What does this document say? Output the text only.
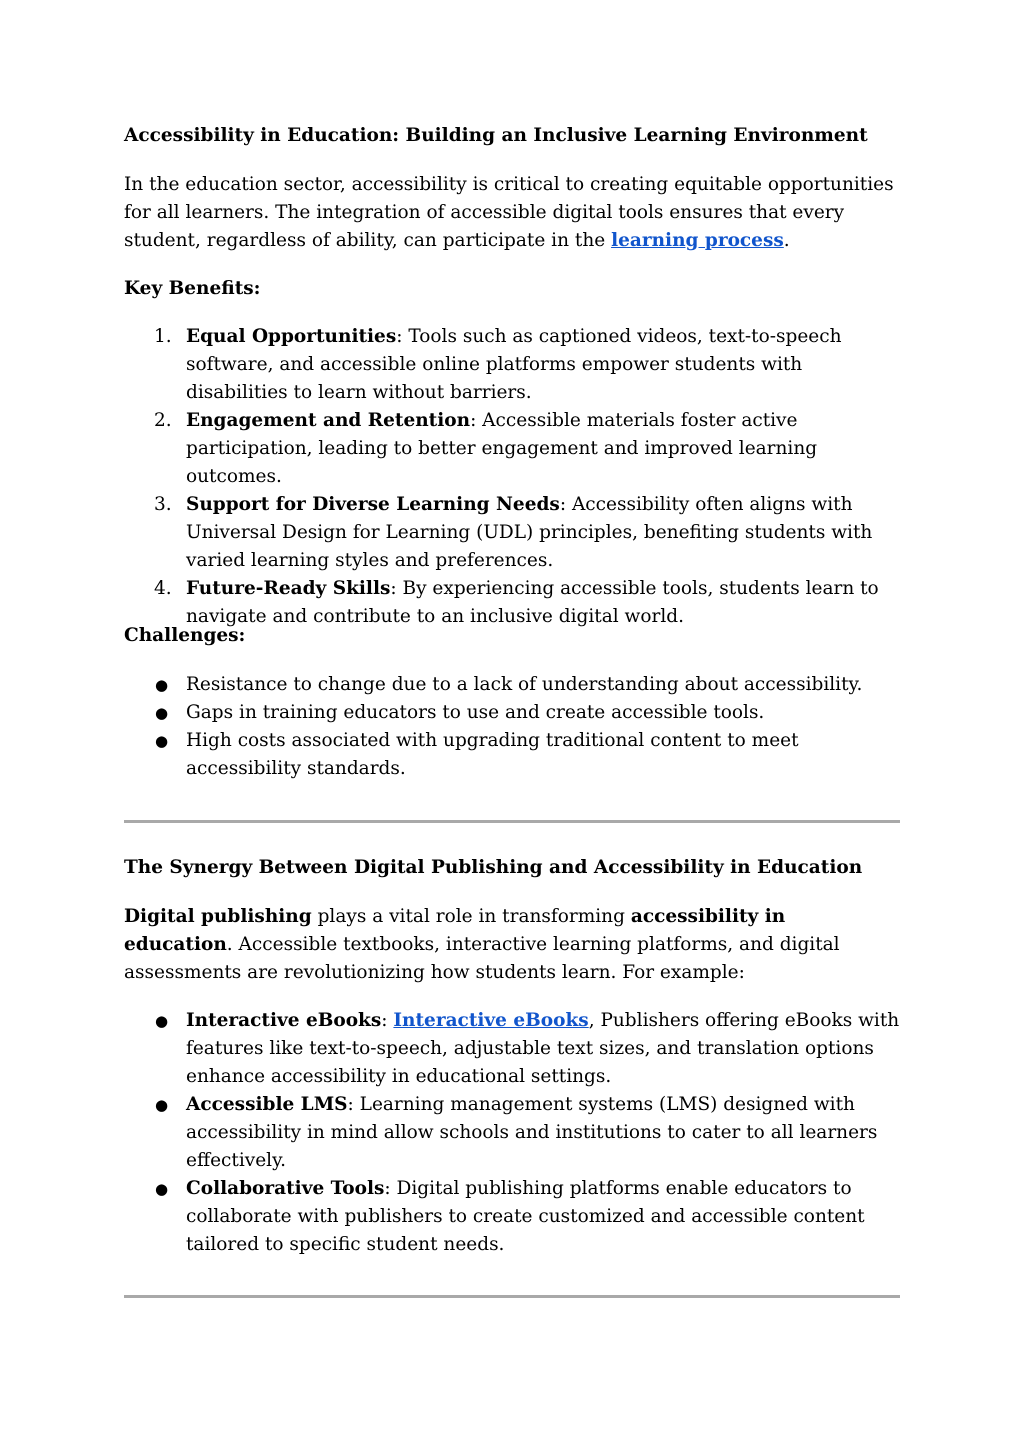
Accessibility in Education: Building an Inclusive Learning Environment
In the education sector, accessibility is critical to creating equitable opportunities for all learners. The integration of accessible digital tools ensures that every student, regardless of ability, can participate in the learning process.
Key Benefits:
1. Equal Opportunities: Tools such as captioned videos, text-to-speech software, and accessible online platforms empower students with disabilities to learn without barriers.
2. Engagement and Retention: Accessible materials foster active participation, leading to better engagement and improved learning outcomes.
3. Support for Diverse Learning Needs: Accessibility often aligns with Universal Design for Learning (UDL) principles, benefiting students with varied learning styles and preferences.
4. Future-Ready Skills: By experiencing accessible tools, students learn to navigate and contribute to an inclusive digital world.
Challenges:
● Resistance to change due to a lack of understanding about accessibility.
● Gaps in training educators to use and create accessible tools.
● High costs associated with upgrading traditional content to meet accessibility standards.
The Synergy Between Digital Publishing and Accessibility in Education
Digital publishing plays a vital role in transforming accessibility in education. Accessible textbooks, interactive learning platforms, and digital assessments are revolutionizing how students learn. For example:
● Interactive eBooks: Interactive eBooks, Publishers offering eBooks with features like text-to-speech, adjustable text sizes, and translation options enhance accessibility in educational settings.
● Accessible LMS: Learning management systems (LMS) designed with accessibility in mind allow schools and institutions to cater to all learners effectively.
● Collaborative Tools: Digital publishing platforms enable educators to collaborate with publishers to create customized and accessible content tailored to specific student needs.
